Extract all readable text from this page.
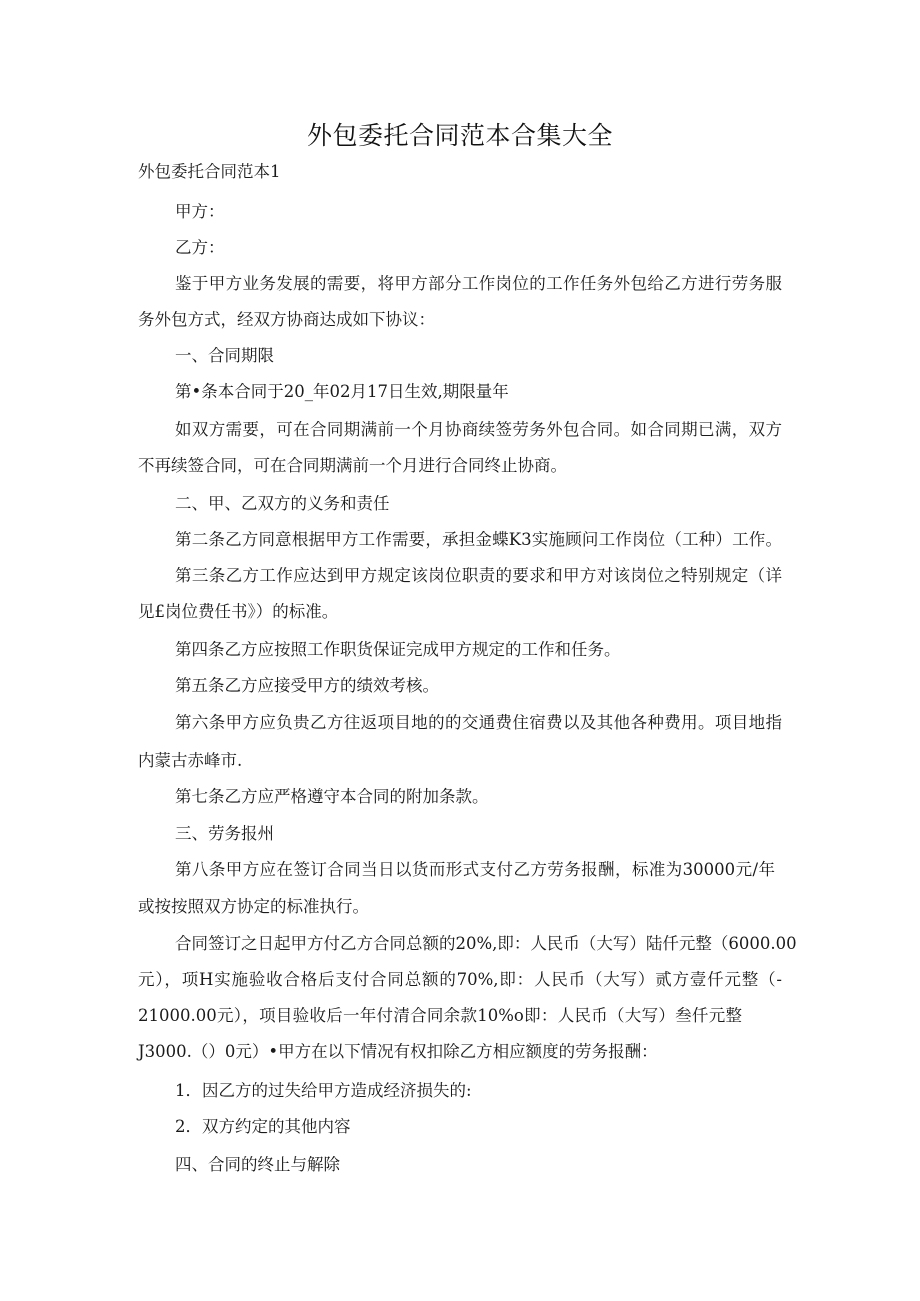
外包委托合同范本合集大全
外包委托合同范本1
甲方：
乙方：
鉴于甲方业务发展的需要，将甲方部分工作岗位的工作任务外包给乙方进行劳务服
务外包方式，经双方协商达成如下协议：
一、合同期限
第•条本合同于20_年02月17日生效,期限量年
如双方需要，可在合同期满前一个月协商续签劳务外包合同。如合同期已满，双方
不再续签合同，可在合同期满前一个月进行合同终止协商。
二、甲、乙双方的义务和责任
第二条乙方同意根据甲方工作需要，承担金蝶K3实施顾问工作岗位（工种）工作。
第三条乙方工作应达到甲方规定该岗位职责的要求和甲方对该岗位之特别规定（详
见£岗位费任书》）的标准。
第四条乙方应按照工作职货保证完成甲方规定的工作和任务。
第五条乙方应接受甲方的绩效考核。
第六条甲方应负贵乙方往返项目地的的交通费住宿费以及其他各种费用。项目地指
内蒙古赤峰市.
第七条乙方应严格遵守本合同的附加条款。
三、劳务报州
第八条甲方应在签订合同当日以货而形式支付乙方劳务报酬，标准为30000元/年
或按按照双方协定的标准执行。
合同签订之日起甲方付乙方合同总额的20%,即：人民币（大写）陆仟元整（6000.00
元），项H实施验收合格后支付合同总额的70%,即：人民币（大写）贰方壹仟元整（-
21000.00元），项目验收后一年付清合同余款10%o即：人民币（大写）叁仟元整
J3000.（）0元）•甲方在以下情况有权扣除乙方相应额度的劳务报酬：
1．因乙方的过失给甲方造成经济损失的:
2．双方约定的其他内容
四、合同的终止与解除
